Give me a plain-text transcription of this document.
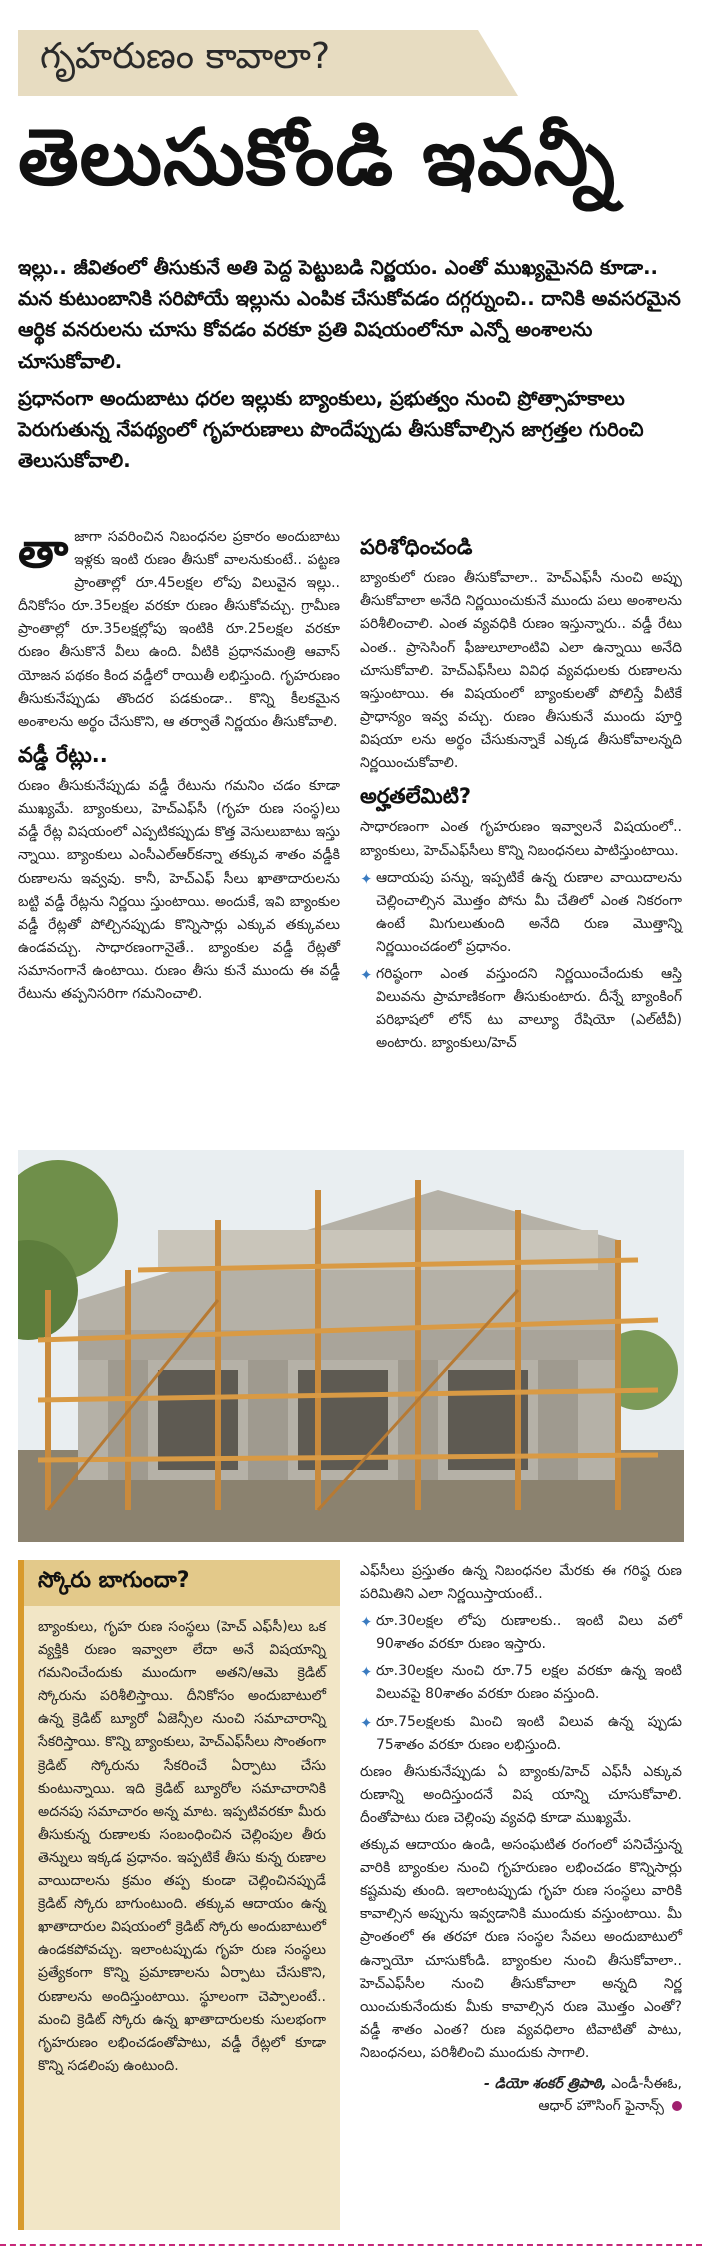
గృహరుణం కావాలా?
తెలుసుకోండి ఇవన్నీ

ఇల్లు.. జీవితంలో తీసుకునే అతి పెద్ద పెట్టుబడి నిర్ణయం. ఎంతో ముఖ్యమైనది కూడా.. మన కుటుంబానికి సరిపోయే ఇల్లును ఎంపిక చేసుకోవడం దగ్గర్నుంచి.. దానికి అవసరమైన ఆర్థిక వనరులను చూసు కోవడం వరకూ ప్రతి విషయంలోనూ ఎన్నో అంశాలను చూసుకోవాలి.

ప్రధానంగా అందుబాటు ధరల ఇల్లుకు బ్యాంకులు, ప్రభుత్వం నుంచి ప్రోత్సాహకాలు పెరుగుతున్న నేపథ్యంలో గృహరుణాలు పొందేప్పుడు తీసుకోవాల్సిన జాగ్రత్తల గురించి తెలుసుకోవాలి.

తాజాగా సవరించిన నిబంధనల ప్రకారం అందుబాటు ఇళ్లకు ఇంటి రుణం తీసుకో వాలనుకుంటే.. పట్టణ ప్రాంతాల్లో రూ.45లక్షల లోపు విలువైన ఇల్లు.. దీనికోసం రూ.35లక్షల వరకూ రుణం తీసుకోవచ్చు. గ్రామీణ ప్రాంతాల్లో రూ.35లక్షల్లోపు ఇంటికి రూ.25లక్షల వరకూ రుణం తీసుకొనే వీలు ఉంది. వీటికి ప్రధానమంత్రి ఆవాస్ యోజన పథకం కింద వడ్డీలో రాయితీ లభిస్తుంది. గృహరుణం తీసుకునేప్పుడు తొందర పడకుండా.. కొన్ని కీలకమైన అంశాలను అర్థం చేసుకొని, ఆ తర్వాతే నిర్ణయం తీసుకోవాలి.

వడ్డీ రేట్లు..

రుణం తీసుకునేప్పుడు వడ్డీ రేటును గమనిం చడం కూడా ముఖ్యమే. బ్యాంకులు, హెచ్‌ఎఫ్‌సీ (గృహ రుణ సంస్థ)లు వడ్డీ రేట్ల విషయంలో ఎప్పటికప్పుడు కొత్త వెసులుబాటు ఇస్తు న్నాయి. బ్యాంకులు ఎంసీఎల్‌ఆర్‌కన్నా తక్కువ శాతం వడ్డీకి రుణాలను ఇవ్వవు. కానీ, హెచ్‌ఎఫ్‌ సీలు ఖాతాదారులను బట్టి వడ్డీ రేట్లను నిర్ణయి స్తుంటాయి. అందుకే, ఇవి బ్యాంకుల వడ్డీ రేట్లతో పోల్చినప్పుడు కొన్నిసార్లు ఎక్కువ తక్కువలు ఉండవచ్చు. సాధారణంగానైతే.. బ్యాంకుల వడ్డీ రేట్లతో సమానంగానే ఉంటాయి. రుణం తీసు కునే ముందు ఈ వడ్డీ రేటును తప్పనిసరిగా గమనించాలి.

పరిశోధించండి

బ్యాంకులో రుణం తీసుకోవాలా.. హెచ్‌ఎఫ్‌సీ నుంచి అప్పు తీసుకోవాలా అనేది నిర్ణయించుకునే ముందు పలు అంశాలను పరిశీలించాలి. ఎంత వ్యవధికి రుణం ఇస్తున్నారు.. వడ్డీ రేటు ఎంత.. ప్రాసెసింగ్ ఫీజులూలాంటివి ఎలా ఉన్నాయి అనేది చూసుకోవాలి. హెచ్‌ఎఫ్‌సీలు వివిధ వ్యవధులకు రుణాలను ఇస్తుంటాయి. ఈ విషయంలో బ్యాంకులతో పోలిస్తే వీటికే ప్రాధాన్యం ఇవ్వ వచ్చు. రుణం తీసుకునే ముందు పూర్తి విషయా లను అర్థం చేసుకున్నాకే ఎక్కడ తీసుకోవాలన్నది నిర్ణయించుకోవాలి.

అర్హతలేమిటి?

సాధారణంగా ఎంత గృహరుణం ఇవ్వాలనే విషయంలో.. బ్యాంకులు, హెచ్‌ఎఫ్‌సీలు కొన్ని నిబంధనలు పాటిస్తుంటాయి.

✦ ఆదాయపు పన్ను, ఇప్పటికే ఉన్న రుణాల వాయిదాలను చెల్లించాల్సిన మొత్తం పోను మీ చేతిలో ఎంత నికరంగా ఉంటే మిగులుతుంది అనేది రుణ మొత్తాన్ని నిర్ణయించడంలో ప్రధానం.

✦ గరిష్ఠంగా ఎంత వస్తుందని నిర్ణయించేందుకు ఆస్తి విలువను ప్రామాణికంగా తీసుకుంటారు. దీన్నే బ్యాంకింగ్ పరిభాషలో లోన్ టు వాల్యూ రేషియో (ఎల్‌టీవీ) అంటారు. బ్యాంకులు/హెచ్

స్కోరు బాగుందా?
బ్యాంకులు, గృహ రుణ సంస్థలు (హెచ్ ఎఫ్‌సీ)లు ఒక వ్యక్తికి రుణం ఇవ్వాలా లేదా అనే విషయాన్ని గమనించేందుకు ముందుగా అతని/ఆమె క్రెడిట్ స్కోరును పరిశీలిస్తాయి. దీనికోసం అందుబాటులో ఉన్న క్రెడిట్ బ్యూరో ఏజెన్సీల నుంచి సమాచారాన్ని సేకరిస్తాయి. కొన్ని బ్యాంకులు, హెచ్‌ఎఫ్‌సీలు సొంతంగా క్రెడిట్ స్కోరును సేకరించే ఏర్పాటు చేసు కుంటున్నాయి. ఇది క్రెడిట్ బ్యూరోల సమాచారానికి అదనపు సమాచారం అన్న మాట. ఇప్పటివరకూ మీరు తీసుకున్న రుణాలకు సంబంధించిన చెల్లింపుల తీరు తెన్నులు ఇక్కడ ప్రధానం. ఇప్పటికే తీసు కున్న రుణాల వాయిదాలను క్రమం తప్ప కుండా చెల్లించినప్పుడే క్రెడిట్ స్కోరు బాగుంటుంది. తక్కువ ఆదాయం ఉన్న ఖాతాదారుల విషయంలో క్రెడిట్ స్కోరు అందుబాటులో ఉండకపోవచ్చు. ఇలాంటప్పుడు గృహ రుణ సంస్థలు ప్రత్యేకంగా కొన్ని ప్రమాణాలను ఏర్పాటు చేసుకొని, రుణాలను అందిస్తుంటాయి. స్థూలంగా చెప్పాలంటే.. మంచి క్రెడిట్ స్కోరు ఉన్న ఖాతాదారులకు సులభంగా గృహరుణం లభించడంతోపాటు, వడ్డీ రేట్లలో కూడా కొన్ని సడలింపు ఉంటుంది.

ఎఫ్‌సీలు ప్రస్తుతం ఉన్న నిబంధనల మేరకు ఈ గరిష్ఠ రుణ పరిమితిని ఎలా నిర్ణయిస్తాయంటే..

✦ రూ.30లక్షల లోపు రుణాలకు.. ఇంటి విలు వలో 90శాతం వరకూ రుణం ఇస్తారు.

✦ రూ.30లక్షల నుంచి రూ.75 లక్షల వరకూ ఉన్న ఇంటి విలువపై 80శాతం వరకూ రుణం వస్తుంది.

✦ రూ.75లక్షలకు మించి ఇంటి విలువ ఉన్న ప్పుడు 75శాతం వరకూ రుణం లభిస్తుంది.

రుణం తీసుకునేప్పుడు ఏ బ్యాంకు/హెచ్ ఎఫ్‌సీ ఎక్కువ రుణాన్ని అందిస్తుందనే విష యాన్ని చూసుకోవాలి. దీంతోపాటు రుణ చెల్లింపు వ్యవధి కూడా ముఖ్యమే.

తక్కువ ఆదాయం ఉండి, అసంఘటిత రంగంలో పనిచేస్తున్న వారికి బ్యాంకుల నుంచి గృహరుణం లభించడం కొన్నిసార్లు కష్టమవు తుంది. ఇలాంటప్పుడు గృహ రుణ సంస్థలు వారికి కావాల్సిన అప్పును ఇవ్వడానికి ముందుకు వస్తుంటాయి. మీ ప్రాంతంలో ఈ తరహా రుణ సంస్థల సేవలు అందుబాటులో ఉన్నాయో చూసుకోండి. బ్యాంకుల నుంచి తీసుకోవాలా.. హెచ్‌ఎఫ్‌సీల నుంచి తీసుకోవాలా అన్నది నిర్ణ యించుకునేందుకు మీకు కావాల్సిన రుణ మొత్తం ఎంతో? వడ్డీ శాతం ఎంత? రుణ వ్యవధిలాం టివాటితో పాటు, నిబంధనలు, పరిశీలించి ముందుకు సాగాలి.

- డియో శంకర్ త్రిపాఠి, ఎండీ-సీఈఓ,
ఆధార్ హౌసింగ్ ఫైనాన్స్
